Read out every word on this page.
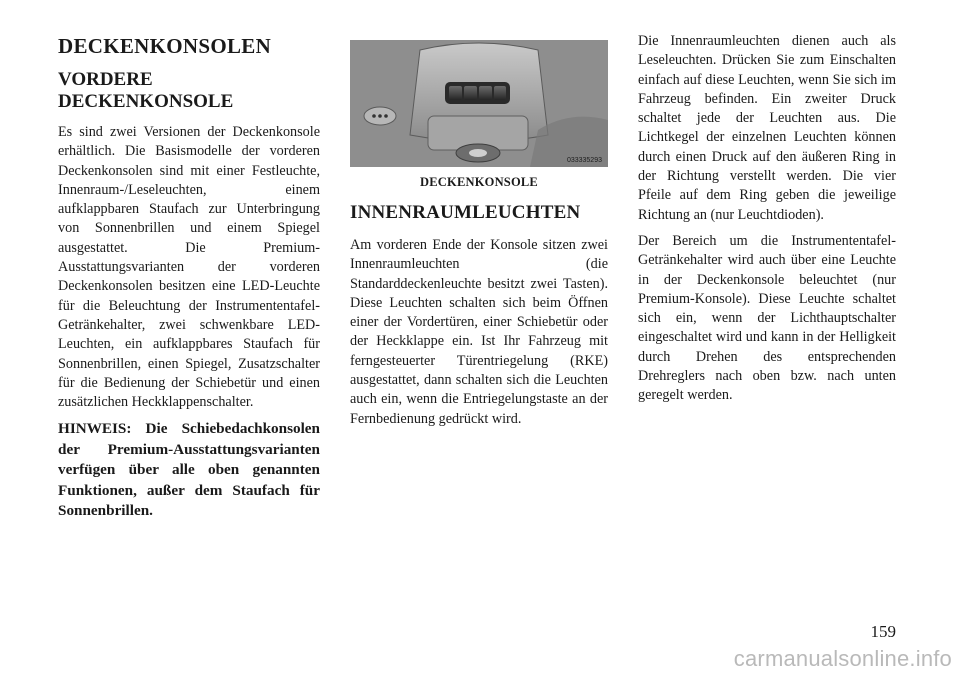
DECKENKONSOLEN
VORDERE
DECKENKONSOLE

Es sind zwei Versionen der Deckenkonsole erhältlich. Die Basismodelle der vorderen Deckenkonsolen sind mit einer Festleuchte, Innenraum-/Leseleuchten, einem aufklappbaren Staufach zur Unterbringung von Sonnenbrillen und einem Spiegel ausgestattet. Die Premium-Ausstattungsvarianten der vorderen Deckenkonsolen besitzen eine LED-Leuchte für die Beleuchtung der Instrumententafel-Getränkehalter, zwei schwenkbare LED-Leuchten, ein aufklappbares Staufach für Sonnenbrillen, einen Spiegel, Zusatzschalter für die Bedienung der Schiebetür und einen zusätzlichen Heckklappenschalter.

HINWEIS: Die Schiebedachkonsolen der Premium-Ausstattungsvarianten verfügen über alle oben genannten Funktionen, außer dem Staufach für Sonnenbrillen.

033335293
DECKENKONSOLE
INNENRAUMLEUCHTEN

Am vorderen Ende der Konsole sitzen zwei Innenraumleuchten (die Standarddeckenleuchte besitzt zwei Tasten). Diese Leuchten schalten sich beim Öffnen einer der Vordertüren, einer Schiebetür oder der Heckklappe ein. Ist Ihr Fahrzeug mit ferngesteuerter Türentriegelung (RKE) ausgestattet, dann schalten sich die Leuchten auch ein, wenn die Entriegelungstaste an der Fernbedienung gedrückt wird.

Die Innenraumleuchten dienen auch als Leseleuchten. Drücken Sie zum Einschalten einfach auf diese Leuchten, wenn Sie sich im Fahrzeug befinden. Ein zweiter Druck schaltet jede der Leuchten aus. Die Lichtkegel der einzelnen Leuchten können durch einen Druck auf den äußeren Ring in der Richtung verstellt werden. Die vier Pfeile auf dem Ring geben die jeweilige Richtung an (nur Leuchtdioden).

Der Bereich um die Instrumententafel-Getränkehalter wird auch über eine Leuchte in der Deckenkonsole beleuchtet (nur Premium-Konsole). Diese Leuchte schaltet sich ein, wenn der Lichthauptschalter eingeschaltet wird und kann in der Helligkeit durch Drehen des entsprechenden Drehreglers nach oben bzw. nach unten geregelt werden.

159
carmanualsonline.info
